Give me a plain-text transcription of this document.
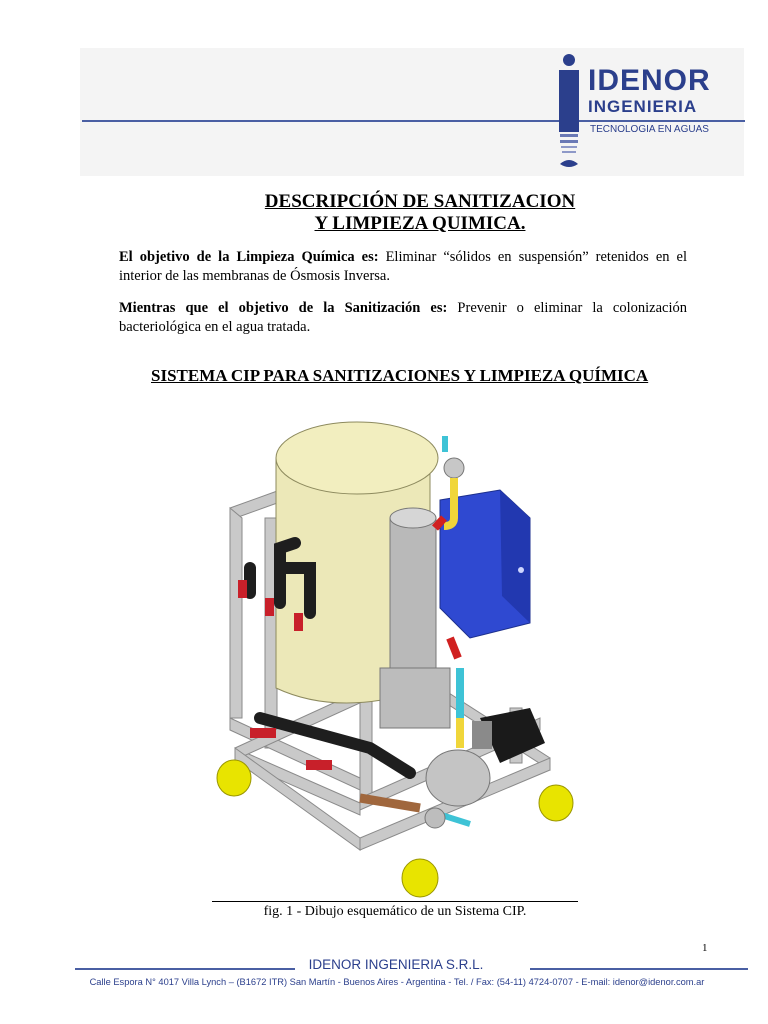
IDENOR
INGENIERIA
TECNOLOGIA EN AGUAS
DESCRIPCIÓN DE SANITIZACION
Y LIMPIEZA QUIMICA.
El objetivo de la Limpieza Química es: Eliminar “sólidos en suspensión” retenidos en el interior de las membranas de Ósmosis Inversa.
Mientras que el objetivo de la Sanitización es: Prevenir o eliminar la colonización bacteriológica en el agua tratada.
SISTEMA CIP PARA SANITIZACIONES Y LIMPIEZA QUÍMICA
fig. 1 - Dibujo esquemático de un Sistema CIP.
1
IDENOR INGENIERIA S.R.L.
Calle Espora N° 4017 Villa Lynch – (B1672 ITR) San Martín - Buenos Aires - Argentina - Tel. / Fax: (54-11) 4724-0707 - E-mail: idenor@idenor.com.ar
